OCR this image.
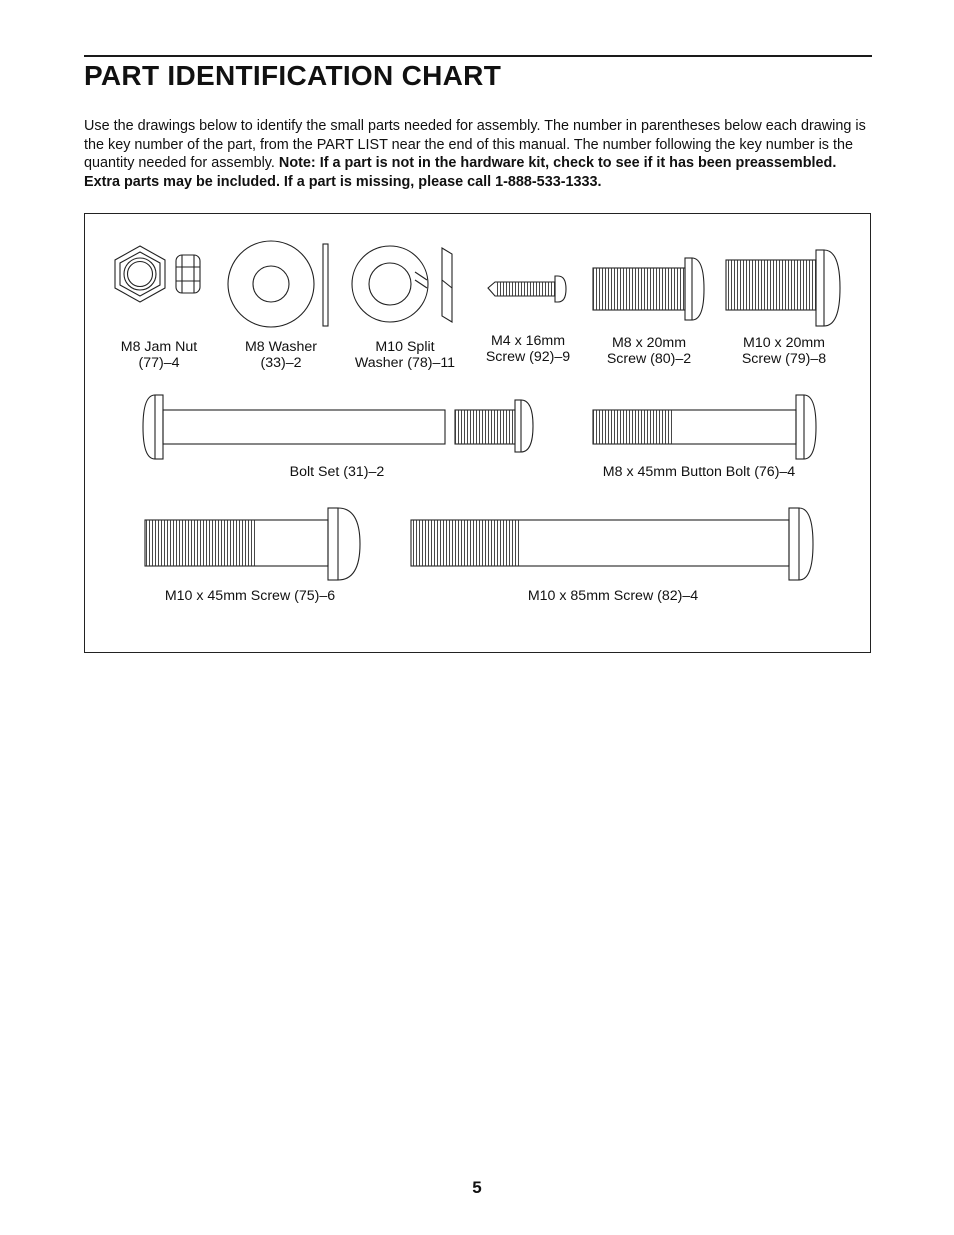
PART IDENTIFICATION CHART

Use the drawings below to identify the small parts needed for assembly. The number in parentheses below each drawing is the key number of the part, from the PART LIST near the end of this manual. The number following the key number is the quantity needed for assembly. Note: If a part is not in the hardware kit, check to see if it has been preassembled. Extra parts may be included. If a part is missing, please call 1-888-533-1333.

M8 Jam Nut
(77)–4
M8 Washer
(33)–2
M10 Split
Washer (78)–11
M4 x 16mm
Screw (92)–9
M8 x 20mm
Screw (80)–2
M10 x 20mm
Screw (79)–8
Bolt Set (31)–2	M8 x 45mm Button Bolt (76)–4
M10 x 45mm Screw (75)–6	M10 x 85mm Screw (82)–4
5
